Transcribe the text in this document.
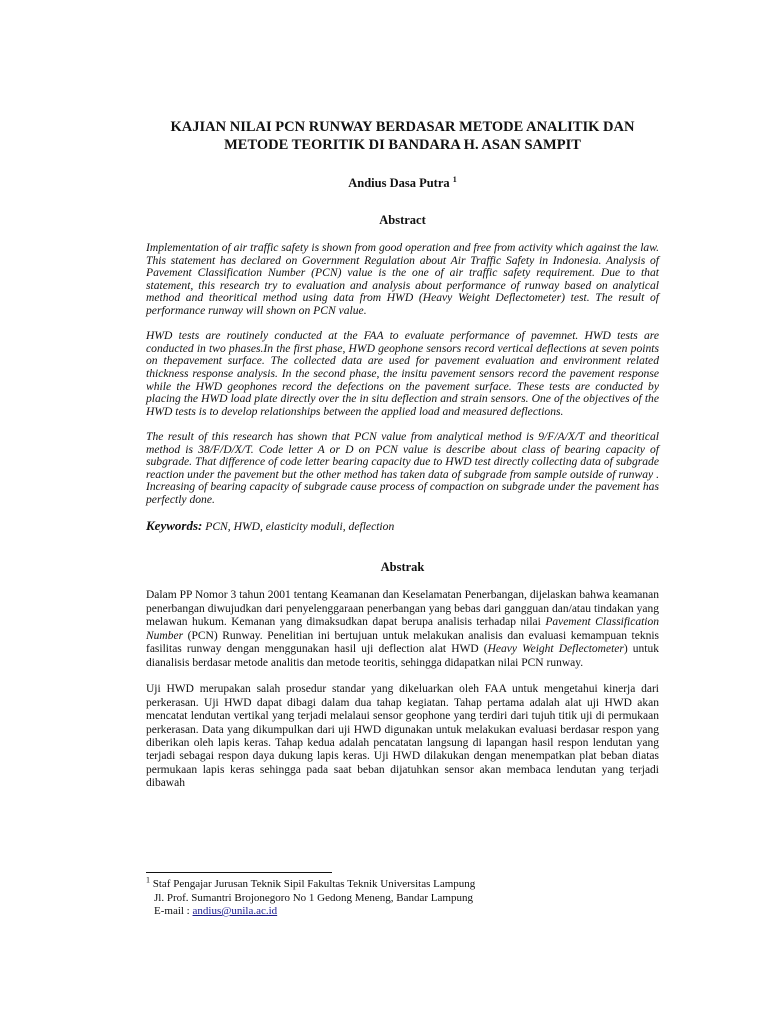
KAJIAN NILAI PCN RUNWAY BERDASAR METODE ANALITIK DAN
METODE TEORITIK DI BANDARA H. ASAN SAMPIT
Andius Dasa Putra $^1$
Abstract

Implementation of air traffic safety is shown from good operation and free from activity which against the law. This statement has declared on Government Regulation about Air Traffic Safety in Indonesia. Analysis of Pavement Classification Number (PCN) value is the one of air traffic safety requirement. Due to that statement, this research try to evaluation and analysis about performance of runway based on analytical method and theoritical method using data from HWD (Heavy Weight Deflectometer) test. The result of performance runway will shown on PCN value.

HWD tests are routinely conducted at the FAA to evaluate performance of pavemnet. HWD tests are conducted in two phases.In the first phase, HWD geophone sensors record vertical deflections at seven points on thepavement surface. The collected data are used for pavement evaluation and environment related thickness response analysis. In the second phase, the insitu pavement sensors record the pavement response while the HWD geophones record the defections on the pavement surface. These tests are conducted by placing the HWD load plate directly over the in situ deflection and strain sensors. One of the objectives of the HWD tests is to develop relationships between the applied load and measured deflections.

The result of this research has shown that PCN value from analytical method is 9/F/A/X/T and theoritical method is 38/F/D/X/T. Code letter A or D on PCN value is describe about class of bearing capacity of subgrade. That difference of code letter bearing capacity due to HWD test directly collecting data of subgrade reaction under the pavement but the other method has taken data of subgrade from sample outside of runway . Increasing of bearing capacity of subgrade cause process of compaction on subgrade under the pavement has perfectly done.

Keywords: PCN, HWD, elasticity moduli, deflection
Abstrak

Dalam PP Nomor 3 tahun 2001 tentang Keamanan dan Keselamatan Penerbangan, dijelaskan bahwa keamanan penerbangan diwujudkan dari penyelenggaraan penerbangan yang bebas dari gangguan dan/atau tindakan yang melawan hukum. Kemanan yang dimaksudkan dapat berupa analisis terhadap nilai Pavement Classification Number (PCN) Runway. Penelitian ini bertujuan untuk melakukan analisis dan evaluasi kemampuan teknis fasilitas runway dengan menggunakan hasil uji deflection alat HWD (Heavy Weight Deflectometer) untuk dianalisis berdasar metode analitis dan metode teoritis, sehingga didapatkan nilai PCN runway.

Uji HWD merupakan salah prosedur standar yang dikeluarkan oleh FAA untuk mengetahui kinerja dari perkerasan. Uji HWD dapat dibagi dalam dua tahap kegiatan. Tahap pertama adalah alat uji HWD akan mencatat lendutan vertikal yang terjadi melalaui sensor geophone yang terdiri dari tujuh titik uji di permukaan perkerasan. Data yang dikumpulkan dari uji HWD digunakan untuk melakukan evaluasi berdasar respon yang diberikan oleh lapis keras. Tahap kedua adalah pencatatan langsung di lapangan hasil respon lendutan yang terjadi sebagai respon daya dukung lapis keras. Uji HWD dilakukan dengan menempatkan plat beban diatas permukaan lapis keras sehingga pada saat beban dijatuhkan sensor akan membaca lendutan yang terjadi dibawah

$^1$ Staf Pengajar Jurusan Teknik Sipil Fakultas Teknik Universitas Lampung
Jl. Prof. Sumantri Brojonegoro No 1 Gedong Meneng, Bandar Lampung
E-mail : andius@unila.ac.id
